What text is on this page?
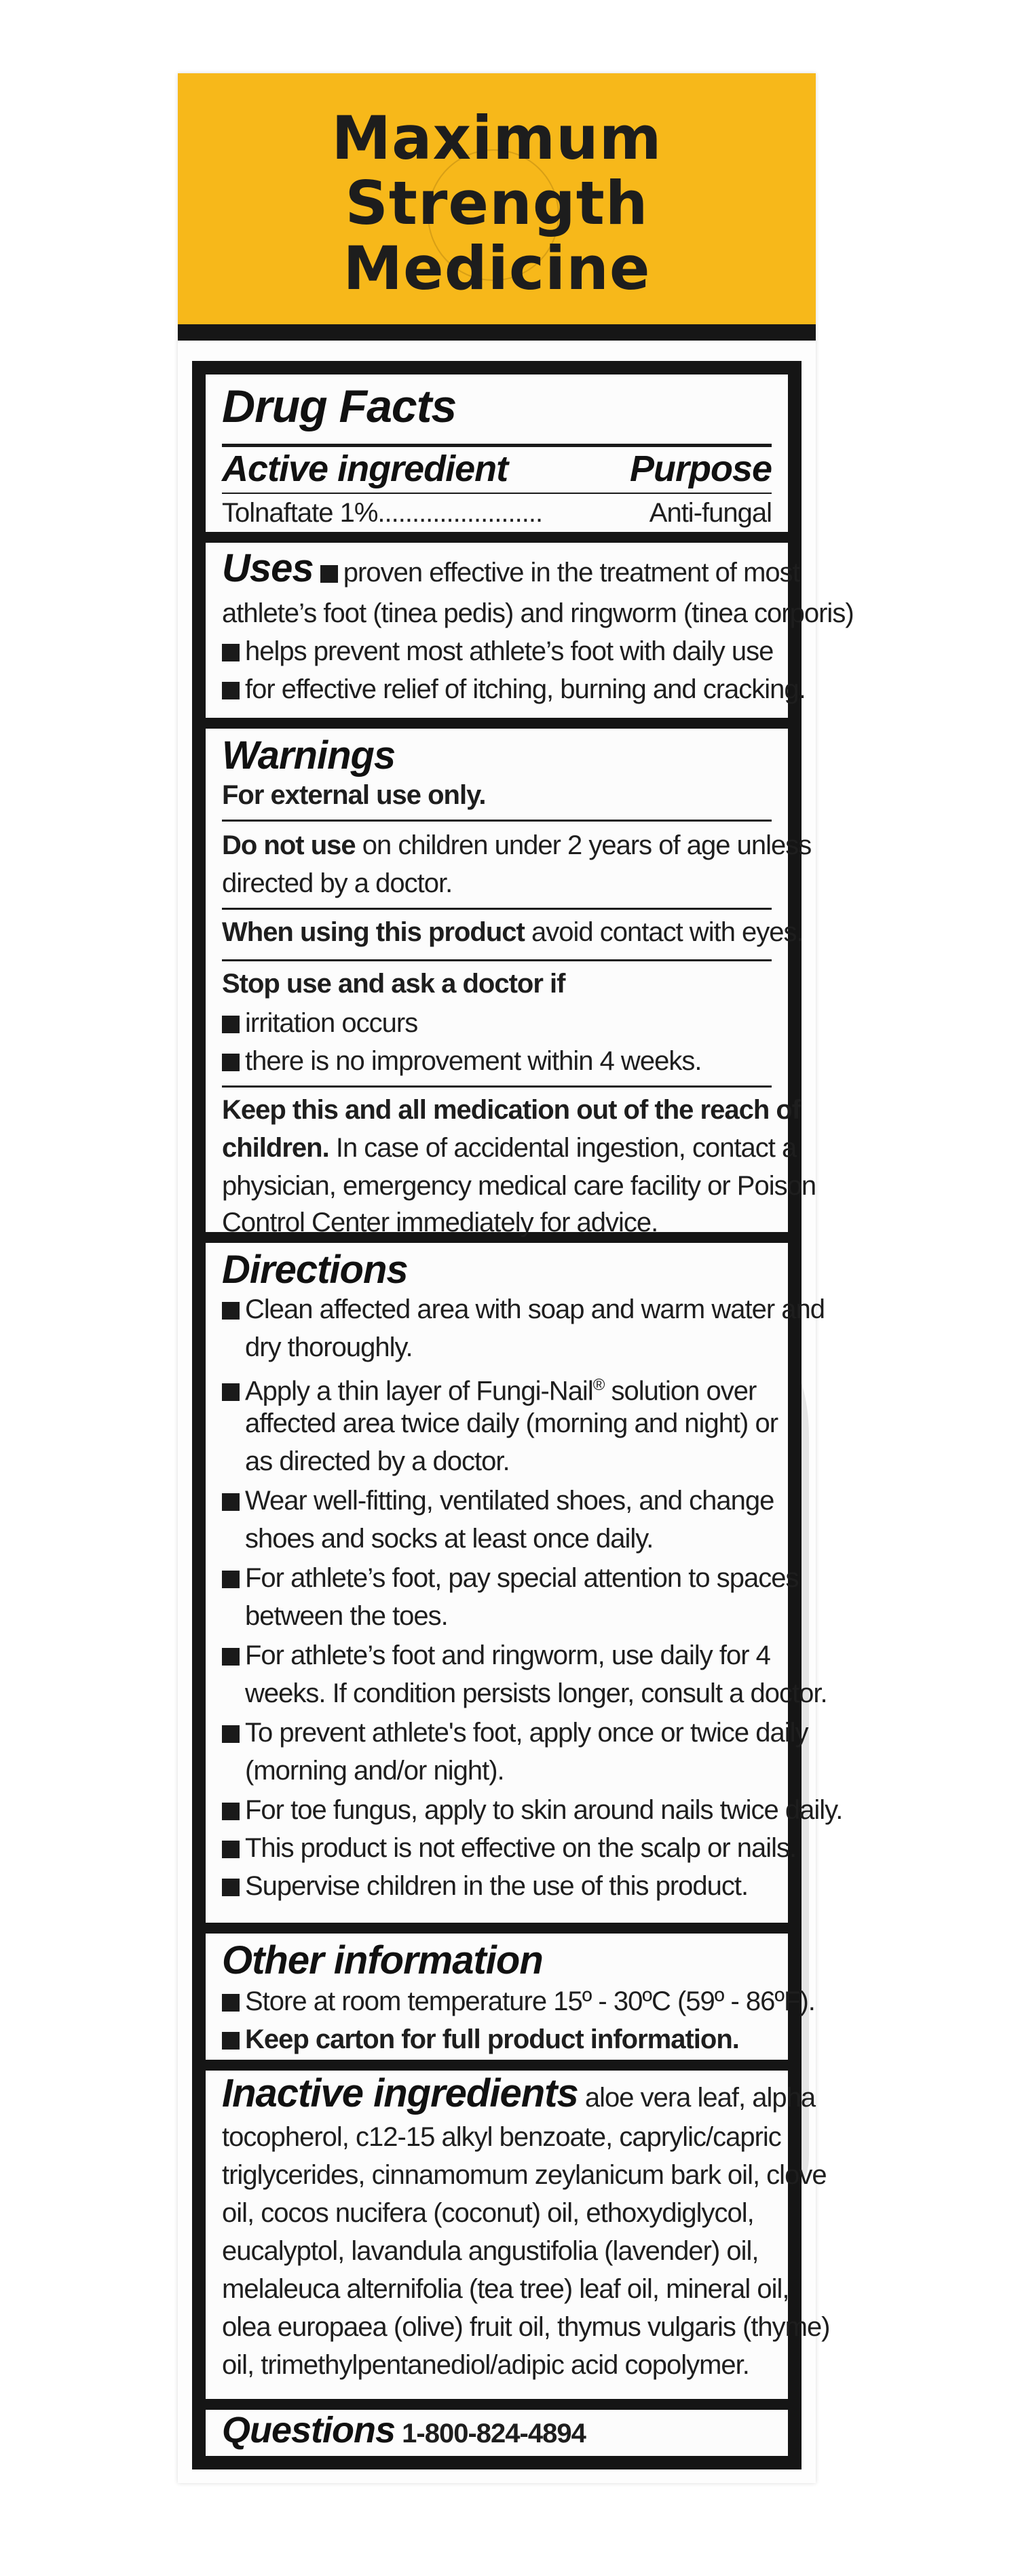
Maximum
Strength
Medicine
Drug Facts
Active ingredient	Purpose
Tolnaftate 1%........................	Anti-fungal
Uses proven effective in the treatment of most
athlete’s foot (tinea pedis) and ringworm (tinea corporis)
helps prevent most athlete’s foot with daily use
for effective relief of itching, burning and cracking.
Warnings
For external use only.
Do not use on children under 2 years of age unless
directed by a doctor.
When using this product avoid contact with eyes.
Stop use and ask a doctor if
irritation occurs
there is no improvement within 4 weeks.
Keep this and all medication out of the reach of
children. In case of accidental ingestion, contact a
physician, emergency medical care facility or Poison
Control Center immediately for advice.
Directions
Clean affected area with soap and warm water and
dry thoroughly.
Apply a thin layer of Fungi-Nail® solution over
affected area twice daily (morning and night) or
as directed by a doctor.
Wear well-fitting, ventilated shoes, and change
shoes and socks at least once daily.
For athlete’s foot, pay special attention to spaces
between the toes.
For athlete’s foot and ringworm, use daily for 4
weeks. If condition persists longer, consult a doctor.
To prevent athlete's foot, apply once or twice daily
(morning and/or night).
For toe fungus, apply to skin around nails twice daily.
This product is not effective on the scalp or nails.
Supervise children in the use of this product.
Other information
Store at room temperature 15º - 30ºC (59º - 86ºF).
Keep carton for full product information.
Inactive ingredients aloe vera leaf, alpha
tocopherol, c12-15 alkyl benzoate, caprylic/capric
triglycerides, cinnamomum zeylanicum bark oil, clove
oil, cocos nucifera (coconut) oil, ethoxydiglycol,
eucalyptol, lavandula angustifolia (lavender) oil,
melaleuca alternifolia (tea tree) leaf oil, mineral oil,
olea europaea (olive) fruit oil, thymus vulgaris (thyme)
oil, trimethylpentanediol/adipic acid copolymer.
Questions 1-800-824-4894
